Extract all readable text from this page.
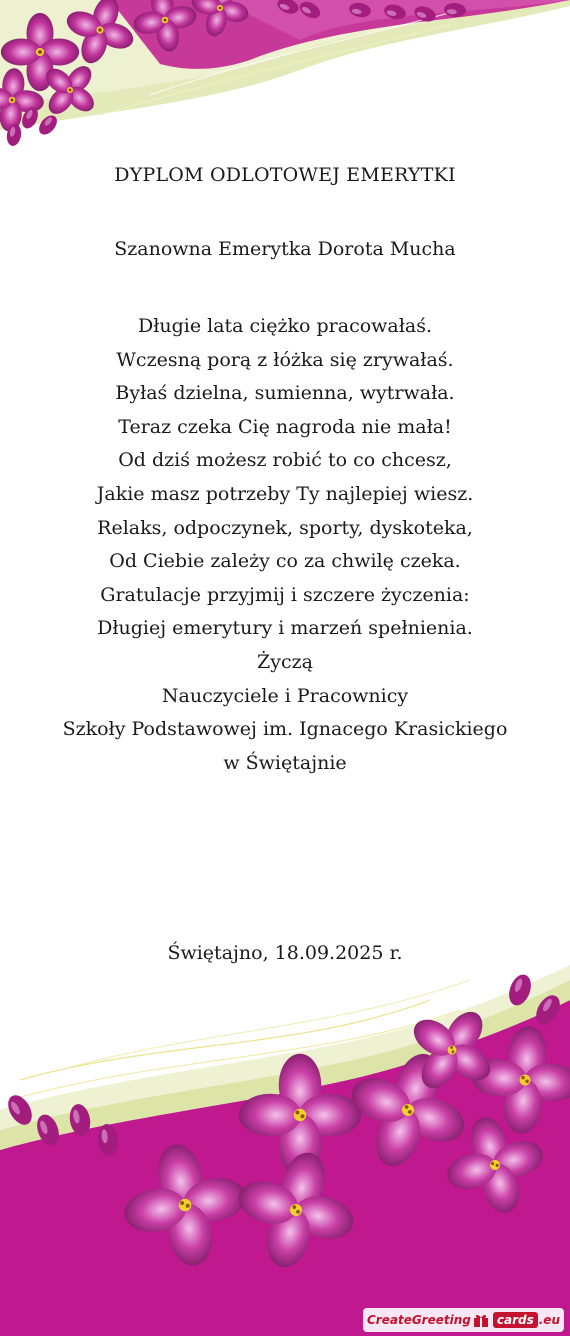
DYPLOM ODLOTOWEJ EMERYTKI
Szanowna Emerytka Dorota Mucha
Długie lata ciężko pracowałaś.
Wczesną porą z łóżka się zrywałaś.
Byłaś dzielna, sumienna, wytrwała.
Teraz czeka Cię nagroda nie mała!
Od dziś możesz robić to co chcesz,
Jakie masz potrzeby Ty najlepiej wiesz.
Relaks, odpoczynek, sporty, dyskoteka,
Od Ciebie zależy co za chwilę czeka.
Gratulacje przyjmij i szczere życzenia:
Długiej emerytury i marzeń spełnienia.
Życzą
Nauczyciele i Pracownicy
Szkoły Podstawowej im. Ignacego Krasickiego
w Świętajnie
Świętajno, 18.09.2025 r.
CreateGreeting	cards .eu
